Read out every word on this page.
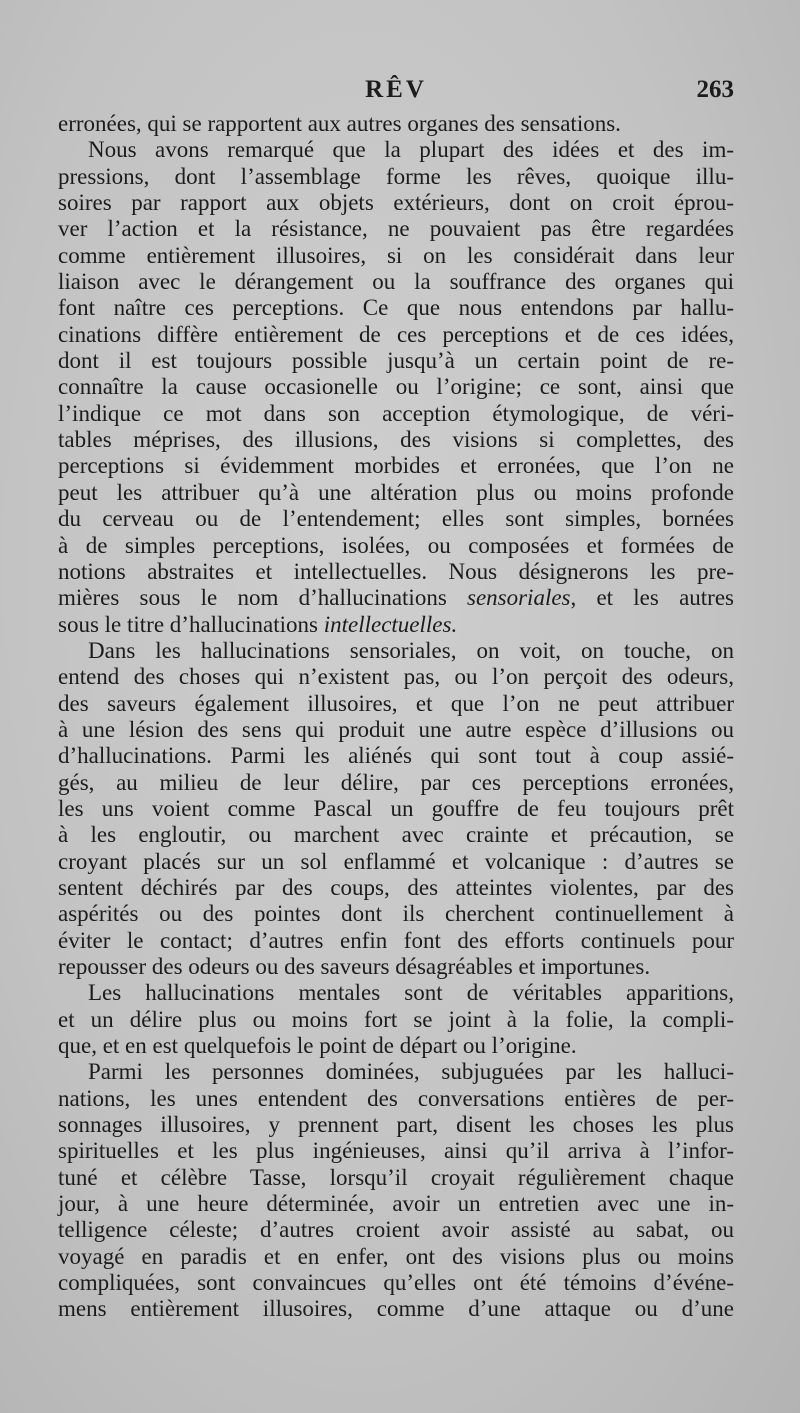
RÊV	263
erronées, qui se rapportent aux autres organes des sensations.
Nous avons remarqué que la plupart des idées et des im-
pressions, dont l’assemblage forme les rêves, quoique illu-
soires par rapport aux objets extérieurs, dont on croit éprou-
ver l’action et la résistance, ne pouvaient pas être regardées
comme entièrement illusoires, si on les considérait dans leur
liaison avec le dérangement ou la souffrance des organes qui
font naître ces perceptions. Ce que nous entendons par hallu-
cinations diffère entièrement de ces perceptions et de ces idées,
dont il est toujours possible jusqu’à un certain point de re-
connaître la cause occasionelle ou l’origine; ce sont, ainsi que
l’indique ce mot dans son acception étymologique, de véri-
tables méprises, des illusions, des visions si complettes, des
perceptions si évidemment morbides et erronées, que l’on ne
peut les attribuer qu’à une altération plus ou moins profonde
du cerveau ou de l’entendement; elles sont simples, bornées
à de simples perceptions, isolées, ou composées et formées de
notions abstraites et intellectuelles. Nous désignerons les pre-
mières sous le nom d’hallucinations sensoriales, et les autres
sous le titre d’hallucinations intellectuelles.
Dans les hallucinations sensoriales, on voit, on touche, on
entend des choses qui n’existent pas, ou l’on perçoit des odeurs,
des saveurs également illusoires, et que l’on ne peut attribuer
à une lésion des sens qui produit une autre espèce d’illusions ou
d’hallucinations. Parmi les aliénés qui sont tout à coup assié-
gés, au milieu de leur délire, par ces perceptions erronées,
les uns voient comme Pascal un gouffre de feu toujours prêt
à les engloutir, ou marchent avec crainte et précaution, se
croyant placés sur un sol enflammé et volcanique : d’autres se
sentent déchirés par des coups, des atteintes violentes, par des
aspérités ou des pointes dont ils cherchent continuellement à
éviter le contact; d’autres enfin font des efforts continuels pour
repousser des odeurs ou des saveurs désagréables et importunes.
Les hallucinations mentales sont de véritables apparitions,
et un délire plus ou moins fort se joint à la folie, la compli-
que, et en est quelquefois le point de départ ou l’origine.
Parmi les personnes dominées, subjuguées par les halluci-
nations, les unes entendent des conversations entières de per-
sonnages illusoires, y prennent part, disent les choses les plus
spirituelles et les plus ingénieuses, ainsi qu’il arriva à l’infor-
tuné et célèbre Tasse, lorsqu’il croyait régulièrement chaque
jour, à une heure déterminée, avoir un entretien avec une in-
telligence céleste; d’autres croient avoir assisté au sabat, ou
voyagé en paradis et en enfer, ont des visions plus ou moins
compliquées, sont convaincues qu’elles ont été témoins d’événe-
mens entièrement illusoires, comme d’une attaque ou d’une
